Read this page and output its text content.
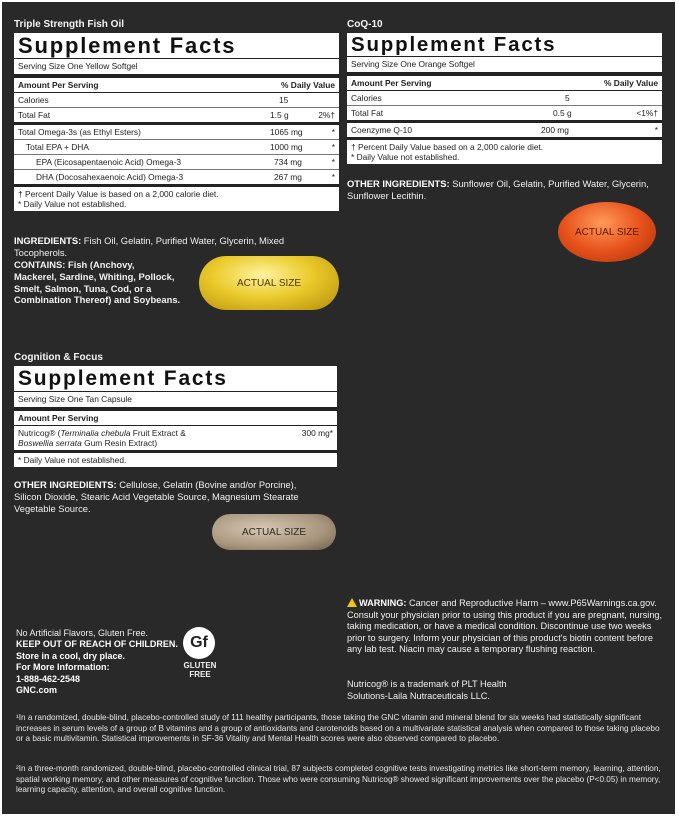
Triple Strength Fish Oil
Supplement Facts
Serving Size One Yellow Softgel
Amount Per Serving	% Daily Value
Calories	15
Total Fat	1.5 g	2%†
Total Omega-3s (as Ethyl Esters)	1065 mg	*
Total EPA + DHA	1000 mg	*
EPA (Eicosapentaenoic Acid) Omega-3	734 mg	*
DHA (Docosahexaenoic Acid) Omega-3	267 mg	*
† Percent Daily Value is based on a 2,000 calorie diet.
* Daily Value not established.
INGREDIENTS: Fish Oil, Gelatin, Purified Water, Glycerin, Mixed Tocopherols.
CONTAINS: Fish (Anchovy,
Mackerel, Sardine, Whiting, Pollock,
Smelt, Salmon, Tuna, Cod, or a
Combination Thereof) and Soybeans.
ACTUAL SIZE
CoQ-10
Supplement Facts
Serving Size One Orange Softgel
Amount Per Serving	% Daily Value
Calories	5
Total Fat	0.5 g	<1%†
Coenzyme Q-10	200 mg	*
† Percent Daily Value based on a 2,000 calorie diet.
* Daily Value not established.
OTHER INGREDIENTS: Sunflower Oil, Gelatin, Purified Water, Glycerin, Sunflower Lecithin.
ACTUAL SIZE
Cognition & Focus
Supplement Facts
Serving Size One Tan Capsule
Amount Per Serving
Nutricog® (Terminalia chebula Fruit Extract &
Boswellia serrata Gum Resin Extract)
300 mg*
* Daily Value not established.
OTHER INGREDIENTS: Cellulose, Gelatin (Bovine and/or Porcine), Silicon Dioxide, Stearic Acid Vegetable Source, Magnesium Stearate Vegetable Source.
ACTUAL SIZE
No Artificial Flavors, Gluten Free.
KEEP OUT OF REACH OF CHILDREN.
Store in a cool, dry place.
For More Information:
1-888-462-2548
GNC.com
Gf
GLUTEN
FREE
WARNING: Cancer and Reproductive Harm – www.P65Warnings.ca.gov. Consult your physician prior to using this product if you are pregnant, nursing, taking medication, or have a medical condition. Discontinue use two weeks prior to surgery. Inform your physician of this product's biotin content before any lab test. Niacin may cause a temporary flushing reaction.
Nutricog® is a trademark of PLT Health Solutions-Laila Nutraceuticals LLC.
¹In a randomized, double-blind, placebo-controlled study of 111 healthy participants, those taking the GNC vitamin and mineral blend for six weeks had statistically significant increases in serum levels of a group of B vitamins and a group of antioxidants and carotenoids based on a multivariate statistical analysis when compared to those taking placebo or a basic multivitamin. Statistical improvements in SF-36 Vitality and Mental Health scores were also observed compared to placebo.
²In a three-month randomized, double-blind, placebo-controlled clinical trial, 87 subjects completed cognitive tests investigating metrics like short-term memory, learning, attention, spatial working memory, and other measures of cognitive function. Those who were consuming Nutricog® showed significant improvements over the placebo (P<0.05) in memory, learning capacity, attention, and overall cognitive function.
